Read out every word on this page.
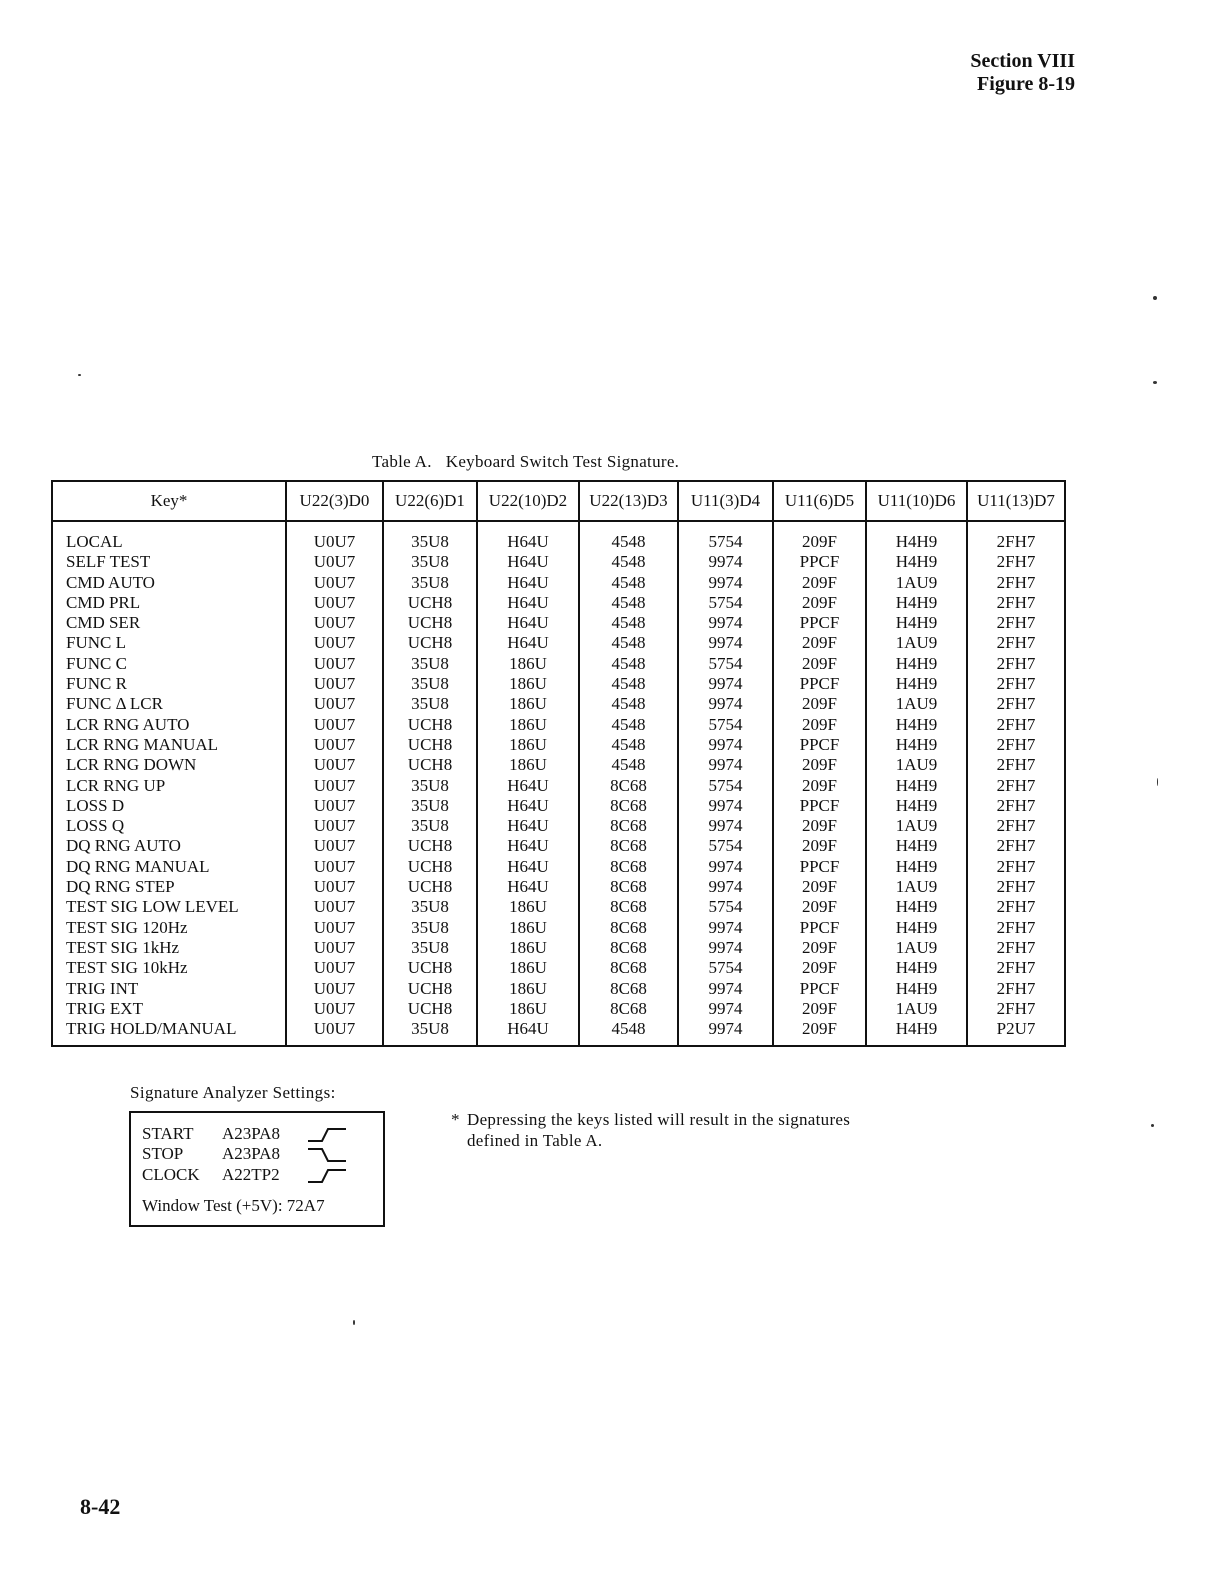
Section VIII
Figure 8-19
Table A. Keyboard Switch Test Signature.
Key*	U22(3)D0	U22(6)D1	U22(10)D2	U22(13)D3	U11(3)D4	U11(6)D5	U11(10)D6	U11(13)D7
LOCAL	U0U7	35U8	H64U	4548	5754	209F	H4H9	2FH7
SELF TEST	U0U7	35U8	H64U	4548	9974	PPCF	H4H9	2FH7
CMD AUTO	U0U7	35U8	H64U	4548	9974	209F	1AU9	2FH7
CMD PRL	U0U7	UCH8	H64U	4548	5754	209F	H4H9	2FH7
CMD SER	U0U7	UCH8	H64U	4548	9974	PPCF	H4H9	2FH7
FUNC L	U0U7	UCH8	H64U	4548	9974	209F	1AU9	2FH7
FUNC C	U0U7	35U8	186U	4548	5754	209F	H4H9	2FH7
FUNC R	U0U7	35U8	186U	4548	9974	PPCF	H4H9	2FH7
FUNC Δ LCR	U0U7	35U8	186U	4548	9974	209F	1AU9	2FH7
LCR RNG AUTO	U0U7	UCH8	186U	4548	5754	209F	H4H9	2FH7
LCR RNG MANUAL	U0U7	UCH8	186U	4548	9974	PPCF	H4H9	2FH7
LCR RNG DOWN	U0U7	UCH8	186U	4548	9974	209F	1AU9	2FH7
LCR RNG UP	U0U7	35U8	H64U	8C68	5754	209F	H4H9	2FH7
LOSS D	U0U7	35U8	H64U	8C68	9974	PPCF	H4H9	2FH7
LOSS Q	U0U7	35U8	H64U	8C68	9974	209F	1AU9	2FH7
DQ RNG AUTO	U0U7	UCH8	H64U	8C68	5754	209F	H4H9	2FH7
DQ RNG MANUAL	U0U7	UCH8	H64U	8C68	9974	PPCF	H4H9	2FH7
DQ RNG STEP	U0U7	UCH8	H64U	8C68	9974	209F	1AU9	2FH7
TEST SIG LOW LEVEL	U0U7	35U8	186U	8C68	5754	209F	H4H9	2FH7
TEST SIG 120Hz	U0U7	35U8	186U	8C68	9974	PPCF	H4H9	2FH7
TEST SIG 1kHz	U0U7	35U8	186U	8C68	9974	209F	1AU9	2FH7
TEST SIG 10kHz	U0U7	UCH8	186U	8C68	5754	209F	H4H9	2FH7
TRIG INT	U0U7	UCH8	186U	8C68	9974	PPCF	H4H9	2FH7
TRIG EXT	U0U7	UCH8	186U	8C68	9974	209F	1AU9	2FH7
TRIG HOLD/MANUAL	U0U7	35U8	H64U	4548	9974	209F	H4H9	P2U7
Signature Analyzer Settings:
START A23PA8
STOP A23PA8
CLOCK A22TP2
Window Test (+5V): 72A7
* Depressing the keys listed will result in the signatures defined in Table A.
8-42
